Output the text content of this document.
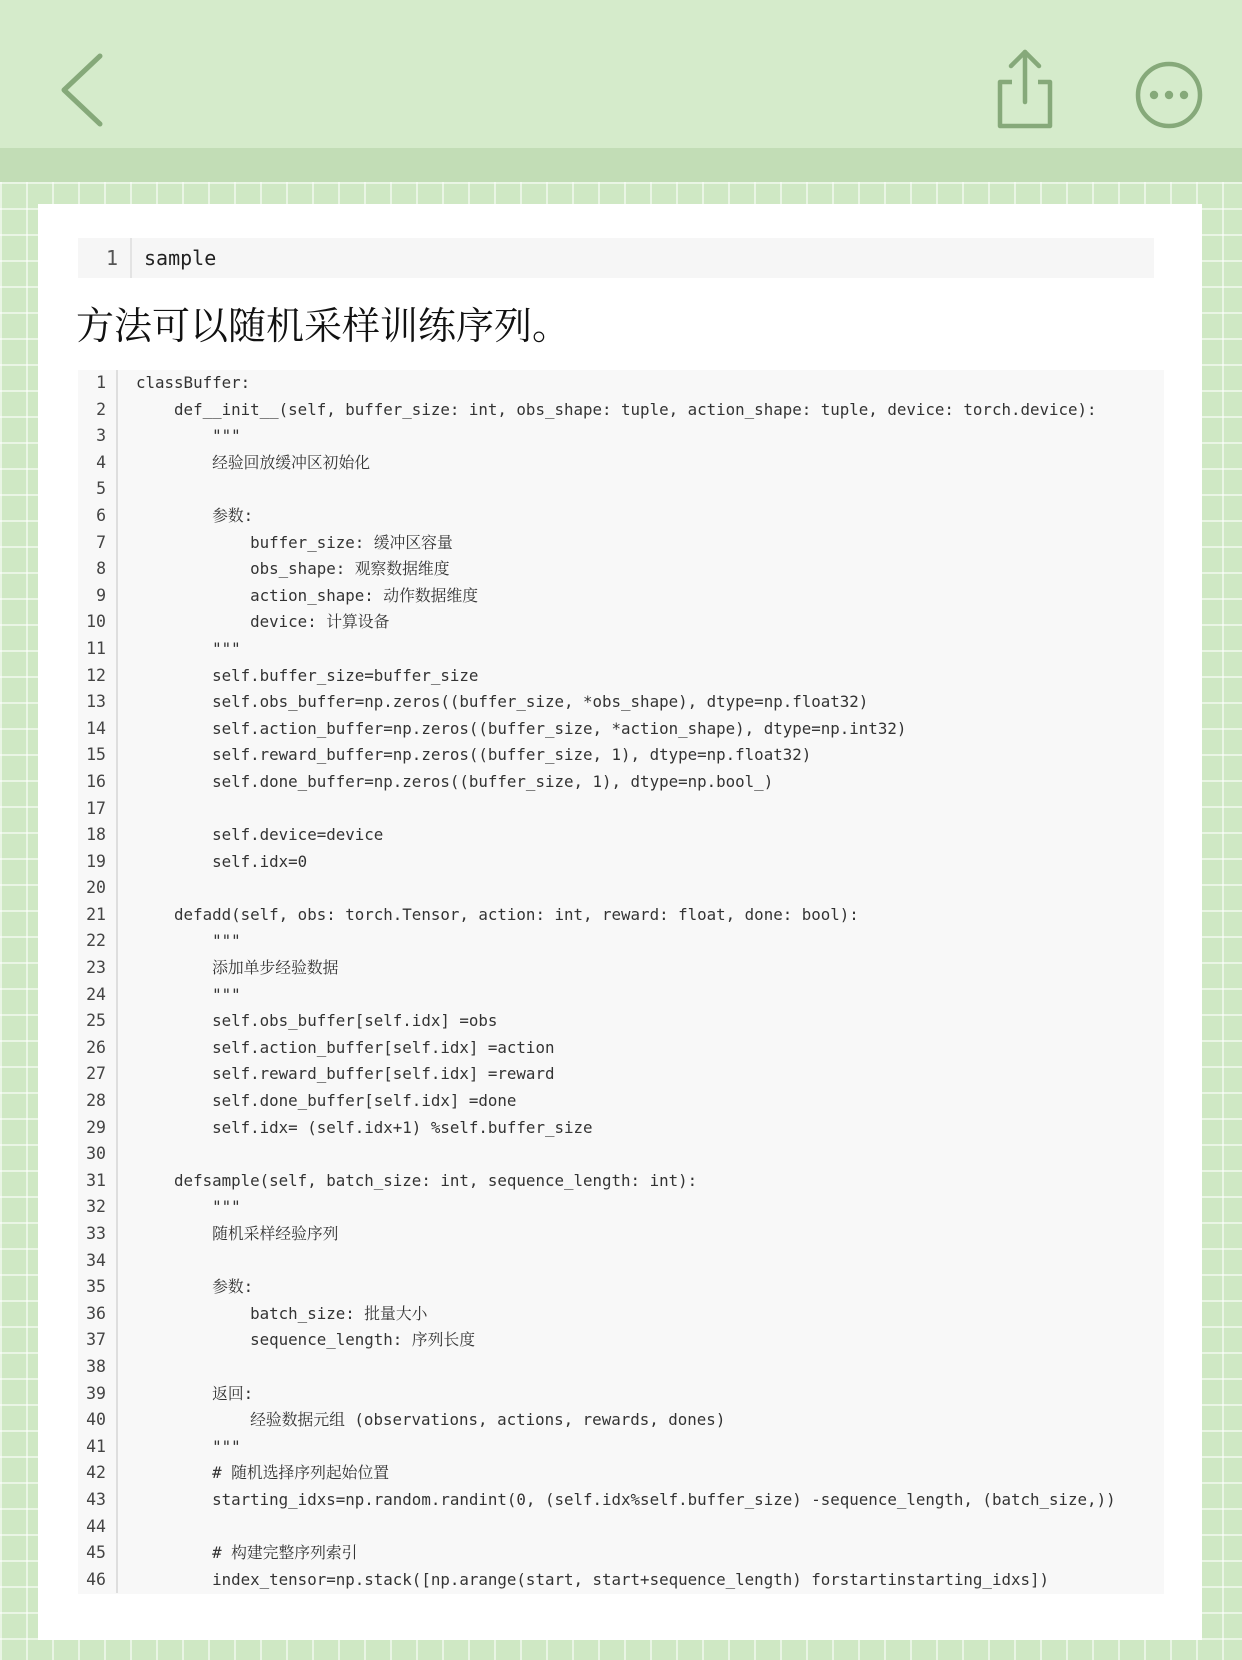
1	sample
方法可以随机采样训练序列。
1	classBuffer:
2	def__init__(self, buffer_size: int, obs_shape: tuple, action_shape: tuple, device: torch.device):
3	"""
4	经验回放缓冲区初始化
5
6	参数:
7	buffer_size: 缓冲区容量
8	obs_shape: 观察数据维度
9	action_shape: 动作数据维度
10	device: 计算设备
11	"""
12	self.buffer_size=buffer_size
13	self.obs_buffer=np.zeros((buffer_size, *obs_shape), dtype=np.float32)
14	self.action_buffer=np.zeros((buffer_size, *action_shape), dtype=np.int32)
15	self.reward_buffer=np.zeros((buffer_size, 1), dtype=np.float32)
16	self.done_buffer=np.zeros((buffer_size, 1), dtype=np.bool_)
17
18	self.device=device
19	self.idx=0
20
21	defadd(self, obs: torch.Tensor, action: int, reward: float, done: bool):
22	"""
23	添加单步经验数据
24	"""
25	self.obs_buffer[self.idx] =obs
26	self.action_buffer[self.idx] =action
27	self.reward_buffer[self.idx] =reward
28	self.done_buffer[self.idx] =done
29	self.idx= (self.idx+1) %self.buffer_size
30
31	defsample(self, batch_size: int, sequence_length: int):
32	"""
33	随机采样经验序列
34
35	参数:
36	batch_size: 批量大小
37	sequence_length: 序列长度
38
39	返回:
40	经验数据元组 (observations, actions, rewards, dones)
41	"""
42	# 随机选择序列起始位置
43	starting_idxs=np.random.randint(0, (self.idx%self.buffer_size) -sequence_length, (batch_size,))
44
45	# 构建完整序列索引
46	index_tensor=np.stack([np.arange(start, start+sequence_length) forstartinstarting_idxs])
